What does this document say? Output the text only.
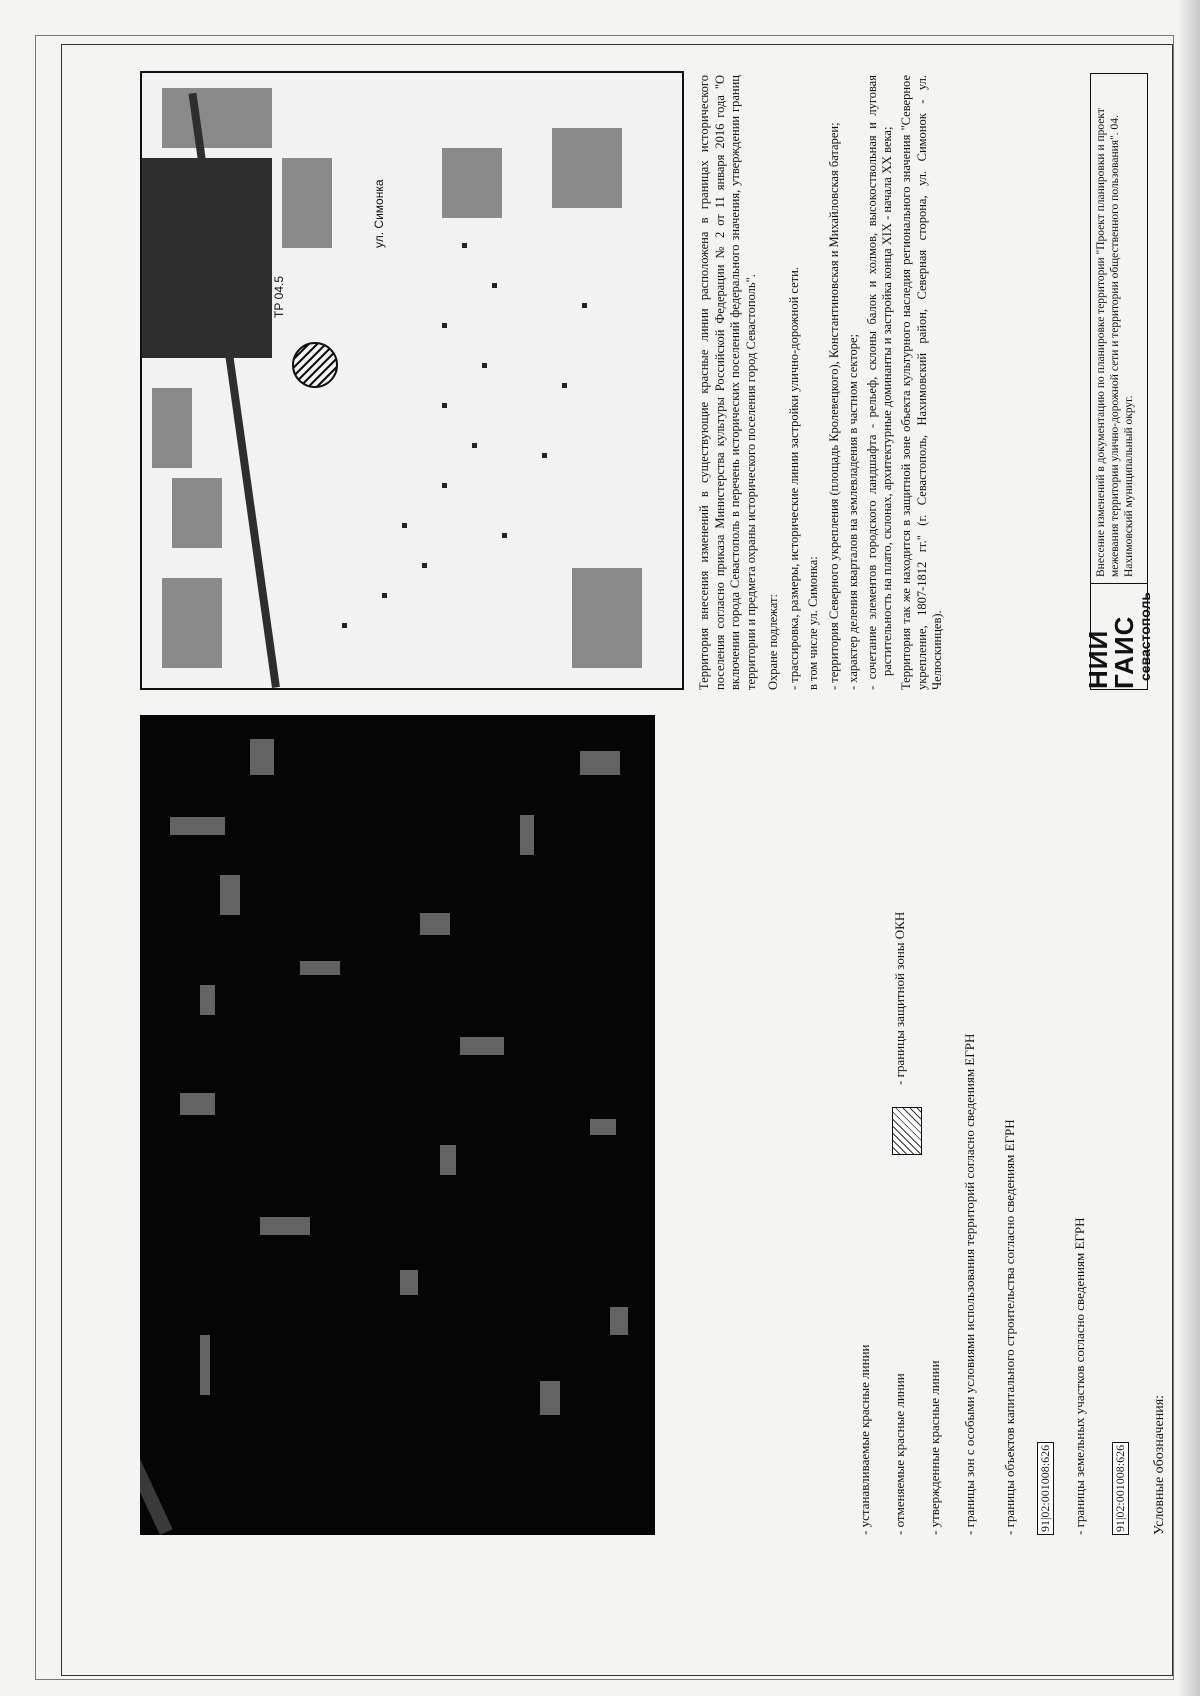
ТР 04.5
ул. Симонка
Условные обозначения:
91|02:001008:626
- границы земельных участков согласно сведениям ЕГРН
91|02:001008:626
- границы объектов капитального строительства согласно сведениям ЕГРН
- границы зон с особыми условиями использования территорий согласно сведениям ЕГРН
- утвержденные красные линии
- отменяемые красные линии
- устанавливаемые красные линии
- границы защитной зоны ОКН

Территория внесения изменений в существующие красные линии расположена в границах исторического поселения согласно приказа Министерства культуры Российской Федерации № 2 от 11 января 2016 года "О включении города Севастополь в перечень исторических поселений федерального значения, утверждении границ территории и предмета охраны исторического поселения город Севастополь". Охране подлежат: - трассировка, размеры, исторические линии застройки улично-дорожной сети. в том числе ул. Симонка: - территория Северного укрепления (площадь Кролевецкого), Константиновская и Михайловская батареи;

- характер деления кварталов на землевладения в частном секторе;

- сочетание элементов городского ландшафта - рельеф, склоны балок и холмов, высокоствольная и луговая растительность на плато, склонах, архитектурные доминанты и застройка конца XIX - начала XX века; Территория так же находится в защитной зоне объекта культурного наследия регионального значения "Северное укрепление, 1807-1812 гг." (г. Севастополь, Нахимовский район, Северная сторона, ул. Симонок - ул. Челюскинцев).	НИИ ГАИС
севастополь
Внесение изменений в документацию по планировке территории "Проект планировки и проект межевания территории улично-дорожной сети и территории общественного пользования". 04. Нахимовский муниципальный округ.
